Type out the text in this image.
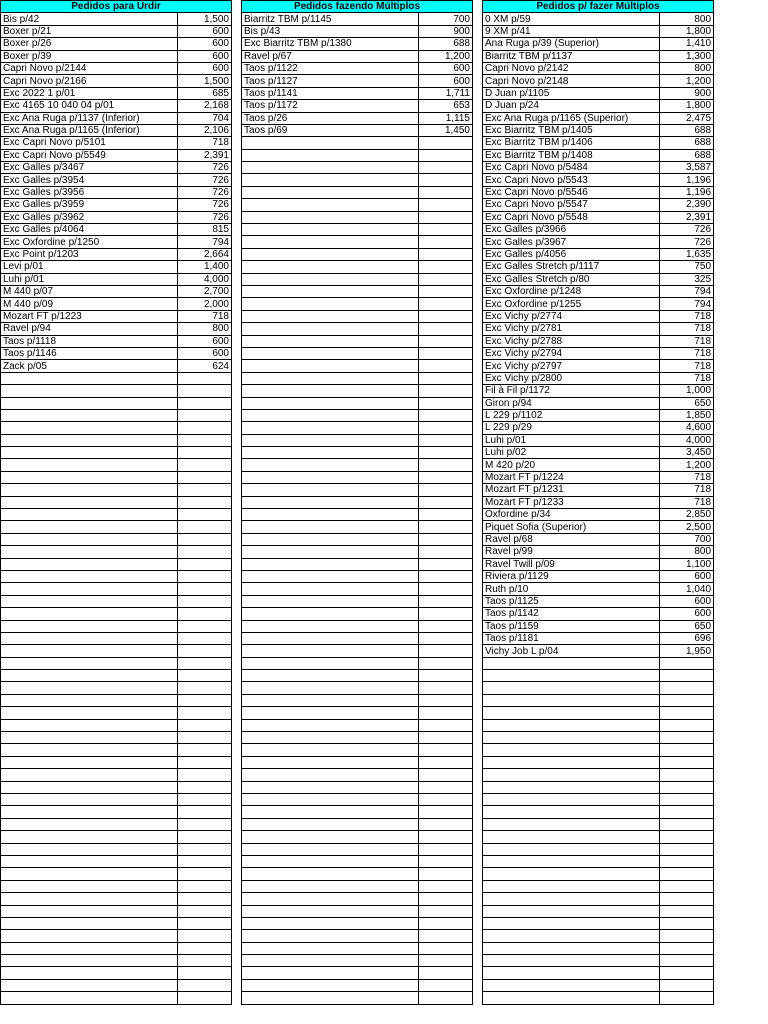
Pedidos para Urdir	
Bis p/42	1,500
Boxer p/21	600
Boxer p/26	600
Boxer p/39	600
Capri Novo p/2144	600
Capri Novo p/2166	1,500
Exc 2022 1 p/01	685
Exc 4165 10 040 04 p/01	2,168
Exc Ana Ruga p/1137 (Inferior)	704
Exc Ana Ruga p/1165 (Inferior)	2,106
Exc Capri Novo p/5101	718
Exc Capri Novo p/5549	2,391
Exc Galles p/3467	726
Exc Galles p/3954	726
Exc Galles p/3956	726
Exc Galles p/3959	726
Exc Galles p/3962	726
Exc Galles p/4064	815
Exc Oxfordine p/1250	794
Exc Point p/1203	2,664
Levi p/01	1,400
Luhi p/01	4,000
M 440 p/07	2,700
M 440 p/09	2,000
Mozart FT p/1223	718
Ravel p/94	800
Taos p/1118	600
Taos p/1146	600
Zack p/05	624

Pedidos fazendo Múltiplos	
Biarritz TBM p/1145	700
Bis p/43	900
Exc Biarritz TBM p/1380	688
Ravel p/67	1,200
Taos p/1122	600
Taos p/1127	600
Taos p/1141	1,711
Taos p/1172	653
Taos p/26	1,115
Taos p/69	1,450

Pedidos p/ fazer Múltiplos	
0 XM p/59	800
9 XM p/41	1,800
Ana Ruga p/39 (Superior)	1,410
Biarritz TBM p/1137	1,300
Capri Novo p/2142	800
Capri Novo p/2148	1,200
D Juan p/1105	900
D Juan p/24	1,800
Exc Ana Ruga p/1165 (Superior)	2,475
Exc Biarritz TBM p/1405	688
Exc Biarritz TBM p/1406	688
Exc Biarritz TBM p/1408	688
Exc Capri Novo p/5484	3,587
Exc Capri Novo p/5543	1,196
Exc Capri Novo p/5546	1,196
Exc Capri Novo p/5547	2,390
Exc Capri Novo p/5548	2,391
Exc Galles p/3966	726
Exc Galles p/3967	726
Exc Galles p/4056	1,635
Exc Galles Stretch p/1117	750
Exc Galles Stretch p/80	325
Exc Oxfordine p/1248	794
Exc Oxfordine p/1255	794
Exc Vichy p/2774	718
Exc Vichy p/2781	718
Exc Vichy p/2788	718
Exc Vichy p/2794	718
Exc Vichy p/2797	718
Exc Vichy p/2800	718
Fil à Fil p/1172	1,000
Giron p/94	650
L 229 p/1102	1,850
L 229 p/29	4,600
Luhi p/01	4,000
Luhi p/02	3,450
M 420 p/20	1,200
Mozart FT p/1224	718
Mozart FT p/1231	718
Mozart FT p/1233	718
Oxfordine p/34	2,850
Piquet Sofia (Superior)	2,500
Ravel p/68	700
Ravel p/99	800
Ravel Twill p/09	1,100
Riviera p/1129	600
Ruth p/10	1,040
Taos p/1125	600
Taos p/1142	600
Taos p/1159	650
Taos p/1181	696
Vichy Job L p/04	1,950
